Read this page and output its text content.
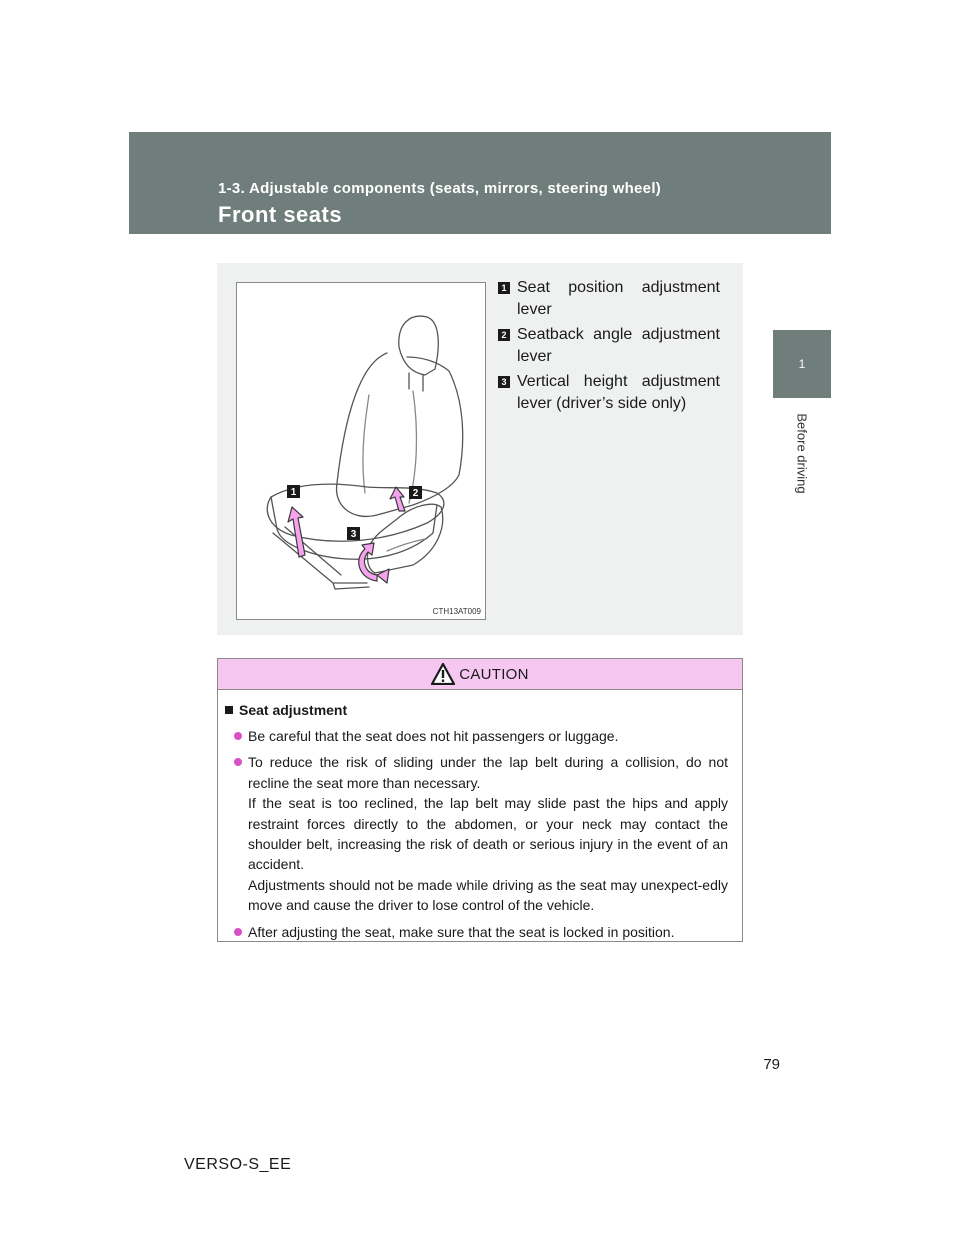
1-3. Adjustable components (seats, mirrors, steering wheel)
Front seats
1
Before driving
1	2
3
CTH13AT009
1 Seat position adjustment lever
2 Seatback angle adjustment lever
3 Vertical height adjustment lever (driver’s side only)
CAUTION
Seat adjustment
Be careful that the seat does not hit passengers or luggage.
To reduce the risk of sliding under the lap belt during a collision, do not recline the seat more than necessary.
If the seat is too reclined, the lap belt may slide past the hips and apply restraint forces directly to the abdomen, or your neck may contact the shoulder belt, increasing the risk of death or serious injury in the event of an accident.
Adjustments should not be made while driving as the seat may unexpect-edly move and cause the driver to lose control of the vehicle.
After adjusting the seat, make sure that the seat is locked in position.
79
VERSO-S_EE
